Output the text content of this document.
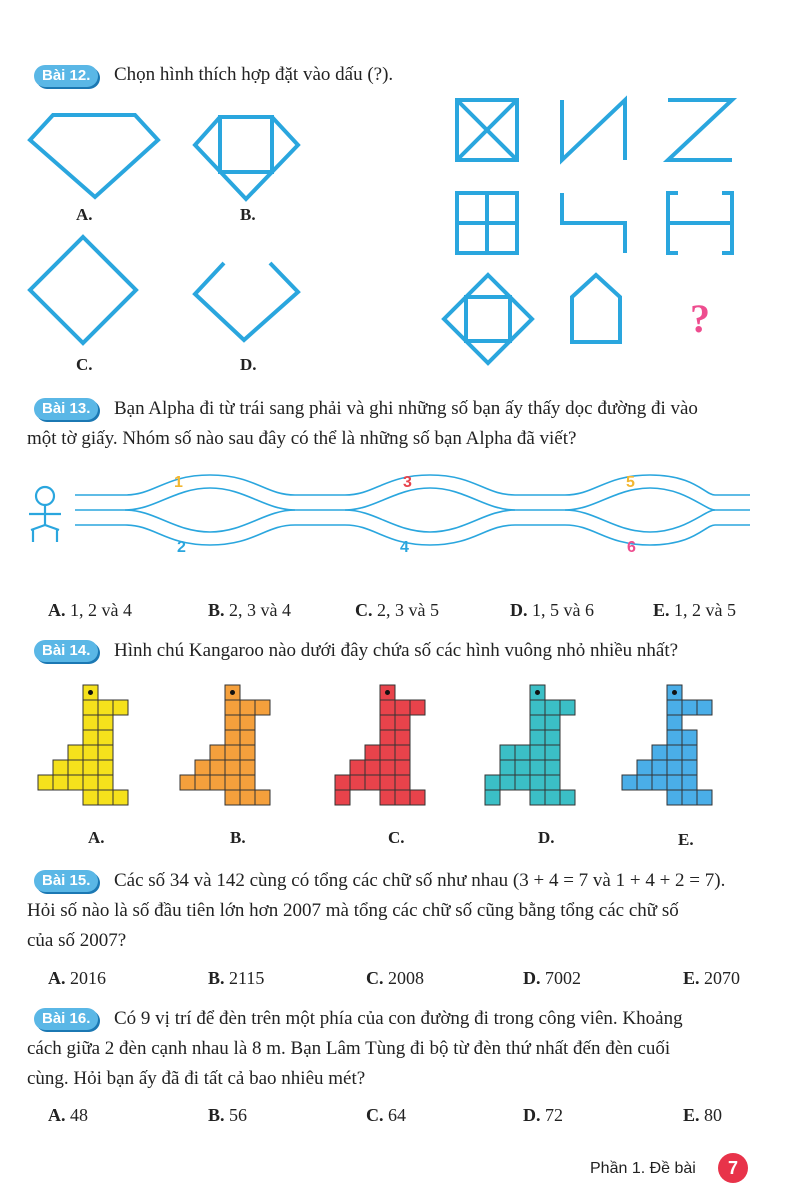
Bài 12.	Chọn hình thích hợp đặt vào dấu (?).
A.	B.
C.	D.
?
Bài 13.	Bạn Alpha đi từ trái sang phải và ghi những số bạn ấy thấy dọc đường đi vào
một tờ giấy. Nhóm số nào sau đây có thể là những số bạn Alpha đã viết?
1
2
3
4
5
6
A. 1, 2 và 4	B. 2, 3 và 4	C. 2, 3 và 5	D. 1, 5 và 6	E. 1, 2 và 5
Bài 14.	Hình chú Kangaroo nào dưới đây chứa số các hình vuông nhỏ nhiều nhất?
A.	B.	C.	D.	E.
Bài 15.	Các số 34 và 142 cùng có tổng các chữ số như nhau (3 + 4 = 7 và 1 + 4 + 2 = 7).
Hỏi số nào là số đầu tiên lớn hơn 2007 mà tổng các chữ số cũng bằng tổng các chữ số
của số 2007?
A. 2016	B. 2115	C. 2008	D. 7002	E. 2070
Bài 16.	Có 9 vị trí để đèn trên một phía của con đường đi trong công viên. Khoảng
cách giữa 2 đèn cạnh nhau là 8 m. Bạn Lâm Tùng đi bộ từ đèn thứ nhất đến đèn cuối
cùng. Hỏi bạn ấy đã đi tất cả bao nhiêu mét?
A. 48	B. 56	C. 64	D. 72	E. 80
Phần 1. Đề bài	7
